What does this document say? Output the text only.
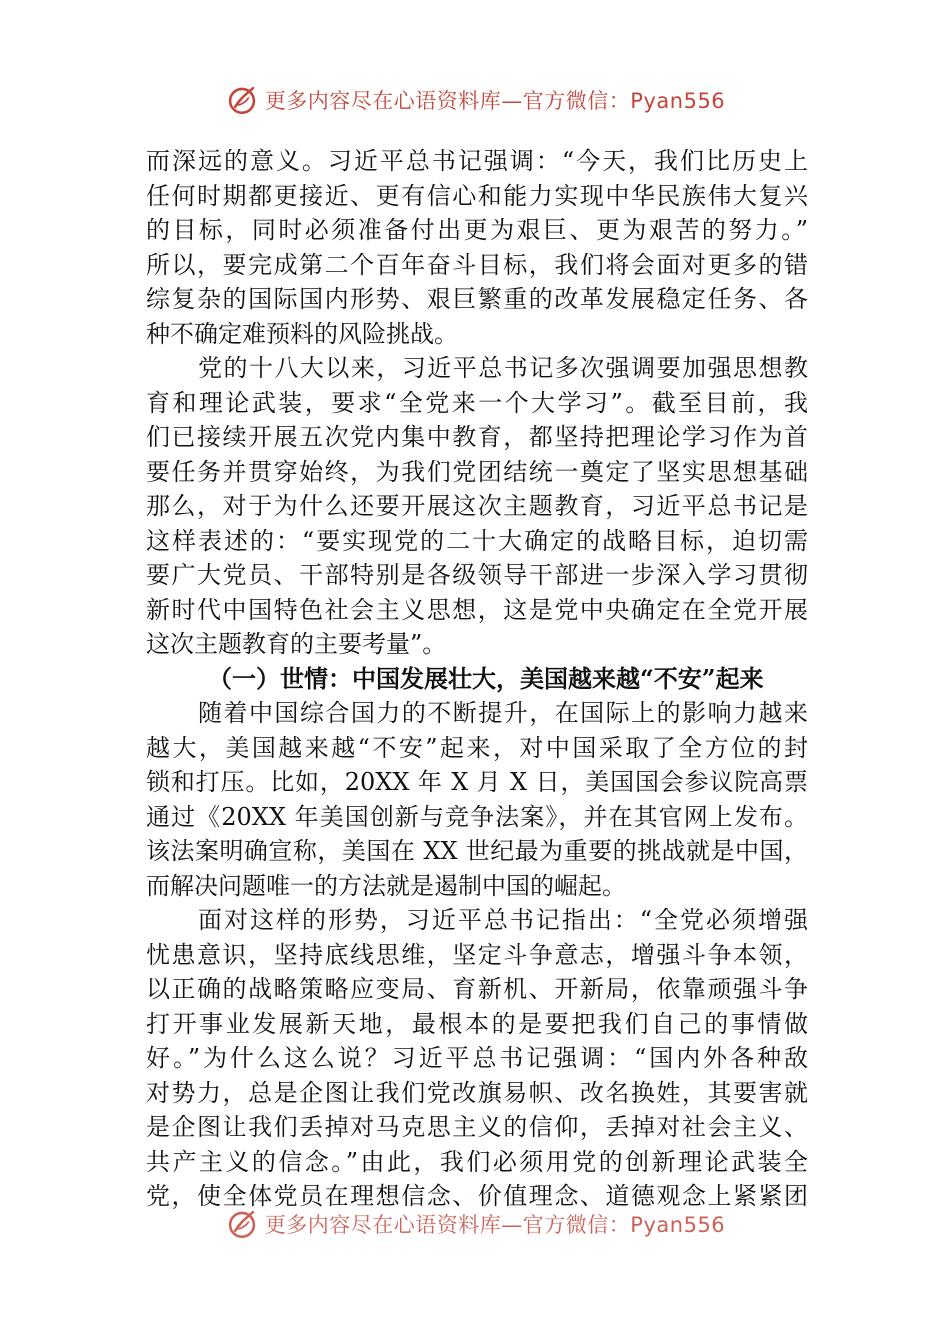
更多内容尽在心语资料库—官方微信：Pyan556
而深远的意义。习近平总书记强调：“今天，我们比历史上
任何时期都更接近、更有信心和能力实现中华民族伟大复兴
的目标，同时必须准备付出更为艰巨、更为艰苦的努力。”
所以，要完成第二个百年奋斗目标，我们将会面对更多的错
综复杂的国际国内形势、艰巨繁重的改革发展稳定任务、各
种不确定难预料的风险挑战。
党的十八大以来，习近平总书记多次强调要加强思想教
育和理论武装，要求“全党来一个大学习”。截至目前，我
们已接续开展五次党内集中教育，都坚持把理论学习作为首
要任务并贯穿始终，为我们党团结统一奠定了坚实思想基础
那么，对于为什么还要开展这次主题教育，习近平总书记是
这样表述的：“要实现党的二十大确定的战略目标，迫切需
要广大党员、干部特别是各级领导干部进一步深入学习贯彻
新时代中国特色社会主义思想，这是党中央确定在全党开展
这次主题教育的主要考量”。
（一）世情：中国发展壮大，美国越来越“不安”起来
随着中国综合国力的不断提升，在国际上的影响力越来
越大，美国越来越“不安”起来，对中国采取了全方位的封
锁和打压。比如，20XX 年 X 月 X 日，美国国会参议院高票
通过《20XX 年美国创新与竞争法案》，并在其官网上发布。
该法案明确宣称，美国在 XX 世纪最为重要的挑战就是中国，
而解决问题唯一的方法就是遏制中国的崛起。
面对这样的形势，习近平总书记指出：“全党必须增强
忧患意识，坚持底线思维，坚定斗争意志，增强斗争本领，
以正确的战略策略应变局、育新机、开新局，依靠顽强斗争
打开事业发展新天地，最根本的是要把我们自己的事情做
好。”为什么这么说？习近平总书记强调：“国内外各种敌
对势力，总是企图让我们党改旗易帜、改名换姓，其要害就
是企图让我们丢掉对马克思主义的信仰，丢掉对社会主义、
共产主义的信念。”由此，我们必须用党的创新理论武装全
党，使全体党员在理想信念、价值理念、道德观念上紧紧团
更多内容尽在心语资料库—官方微信：Pyan556
